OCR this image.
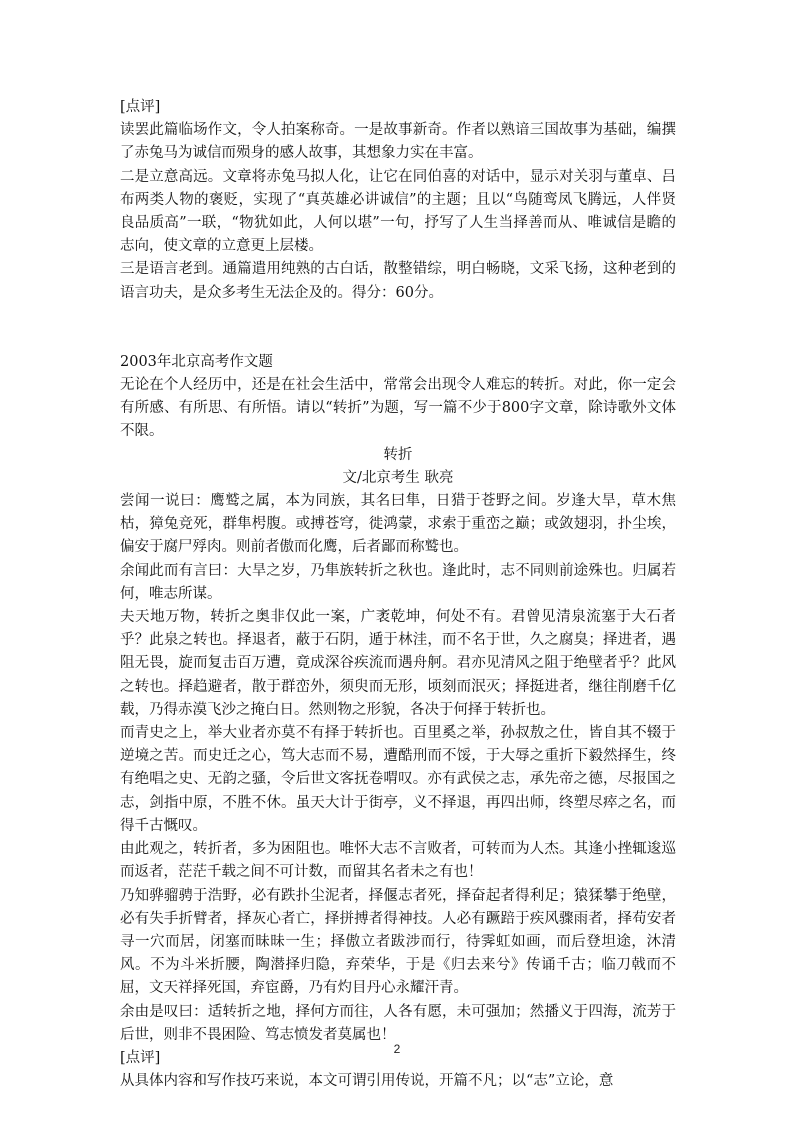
[点评]

读罢此篇临场作文，令人拍案称奇。一是故事新奇。作者以熟谙三国故事为基础，编撰了赤兔马为诚信而殒身的感人故事，其想象力实在丰富。

二是立意高远。文章将赤兔马拟人化，让它在同伯喜的对话中，显示对关羽与董卓、吕布两类人物的褒贬，实现了“真英雄必讲诚信”的主题；且以“鸟随鸾凤飞腾远，人伴贤良品质高”一联，“物犹如此，人何以堪”一句，抒写了人生当择善而从、唯诚信是瞻的志向，使文章的立意更上层楼。

三是语言老到。通篇遣用纯熟的古白话，散整错综，明白畅晓，文采飞扬，这种老到的语言功夫，是众多考生无法企及的。得分：60分。

2003年北京高考作文题

无论在个人经历中，还是在社会生活中，常常会出现令人难忘的转折。对此，你一定会有所感、有所思、有所悟。请以“转折”为题，写一篇不少于800字文章，除诗歌外文体不限。

转折

文/北京考生 耿亮

尝闻一说曰：鹰鹫之属，本为同族，其名曰隼，日猎于苍野之间。岁逢大旱，草木焦枯，獐兔竞死，群隼枵腹。或搏苍穹，徙鸿蒙，求索于重峦之巅；或敛翅羽，扑尘埃，偏安于腐尸殍肉。则前者傲而化鹰，后者鄙而称鹫也。

余闻此而有言曰：大旱之岁，乃隼族转折之秋也。逢此时，志不同则前途殊也。归属若何，唯志所谋。

夫天地万物，转折之奥非仅此一案，广袤乾坤，何处不有。君曾见清泉流塞于大石者乎？此泉之转也。择退者，蔽于石阴，遁于林洼，而不名于世，久之腐臭；择进者，遇阻无畏，旋而复击百万遭，竟成深谷疾流而遇舟舸。君亦见清风之阻于绝壁者乎？此风之转也。择趋避者，散于群峦外，须臾而无形，顷刻而泯灭；择挺进者，继往削磨千亿载，乃得赤漠飞沙之掩白日。然则物之形貌，各决于何择于转折也。

而青史之上，举大业者亦莫不有择于转折也。百里奚之举，孙叔敖之仕，皆自其不辍于逆境之苦。而史迁之心，笃大志而不易，遭酷刑而不馁，于大辱之重折下毅然择生，终有绝唱之史、无韵之骚，令后世文客抚卷喟叹。亦有武侯之志，承先帝之德，尽报国之志，剑指中原，不胜不休。虽天大计于街亭，义不择退，再四出师，终塑尽瘁之名，而得千古慨叹。

由此观之，转折者，多为困阻也。唯怀大志不言败者，可转而为人杰。其逢小挫辄逡巡而返者，茫茫千载之间不可计数，而留其名者未之有也！

乃知骅骝骋于浩野，必有跌扑尘泥者，择偃志者死，择奋起者得利足；猿猱攀于绝壁，必有失手折臂者，择灰心者亡，择拼搏者得神技。人必有蹶踣于疾风骤雨者，择苟安者寻一穴而居，闭塞而昧昧一生；择傲立者跋涉而行，待霁虹如画，而后登坦途，沐清风。不为斗米折腰，陶潜择归隐，弃荣华，于是《归去来兮》传诵千古；临刀戟而不屈，文天祥择死国，弃宦爵，乃有灼目丹心永耀汗青。

余由是叹曰：适转折之地，择何方而往，人各有愿，未可强加；然播义于四海，流芳于后世，则非不畏困险、笃志愤发者莫属也！

[点评]

从具体内容和写作技巧来说，本文可谓引用传说，开篇不凡；以“志”立论，意

2
